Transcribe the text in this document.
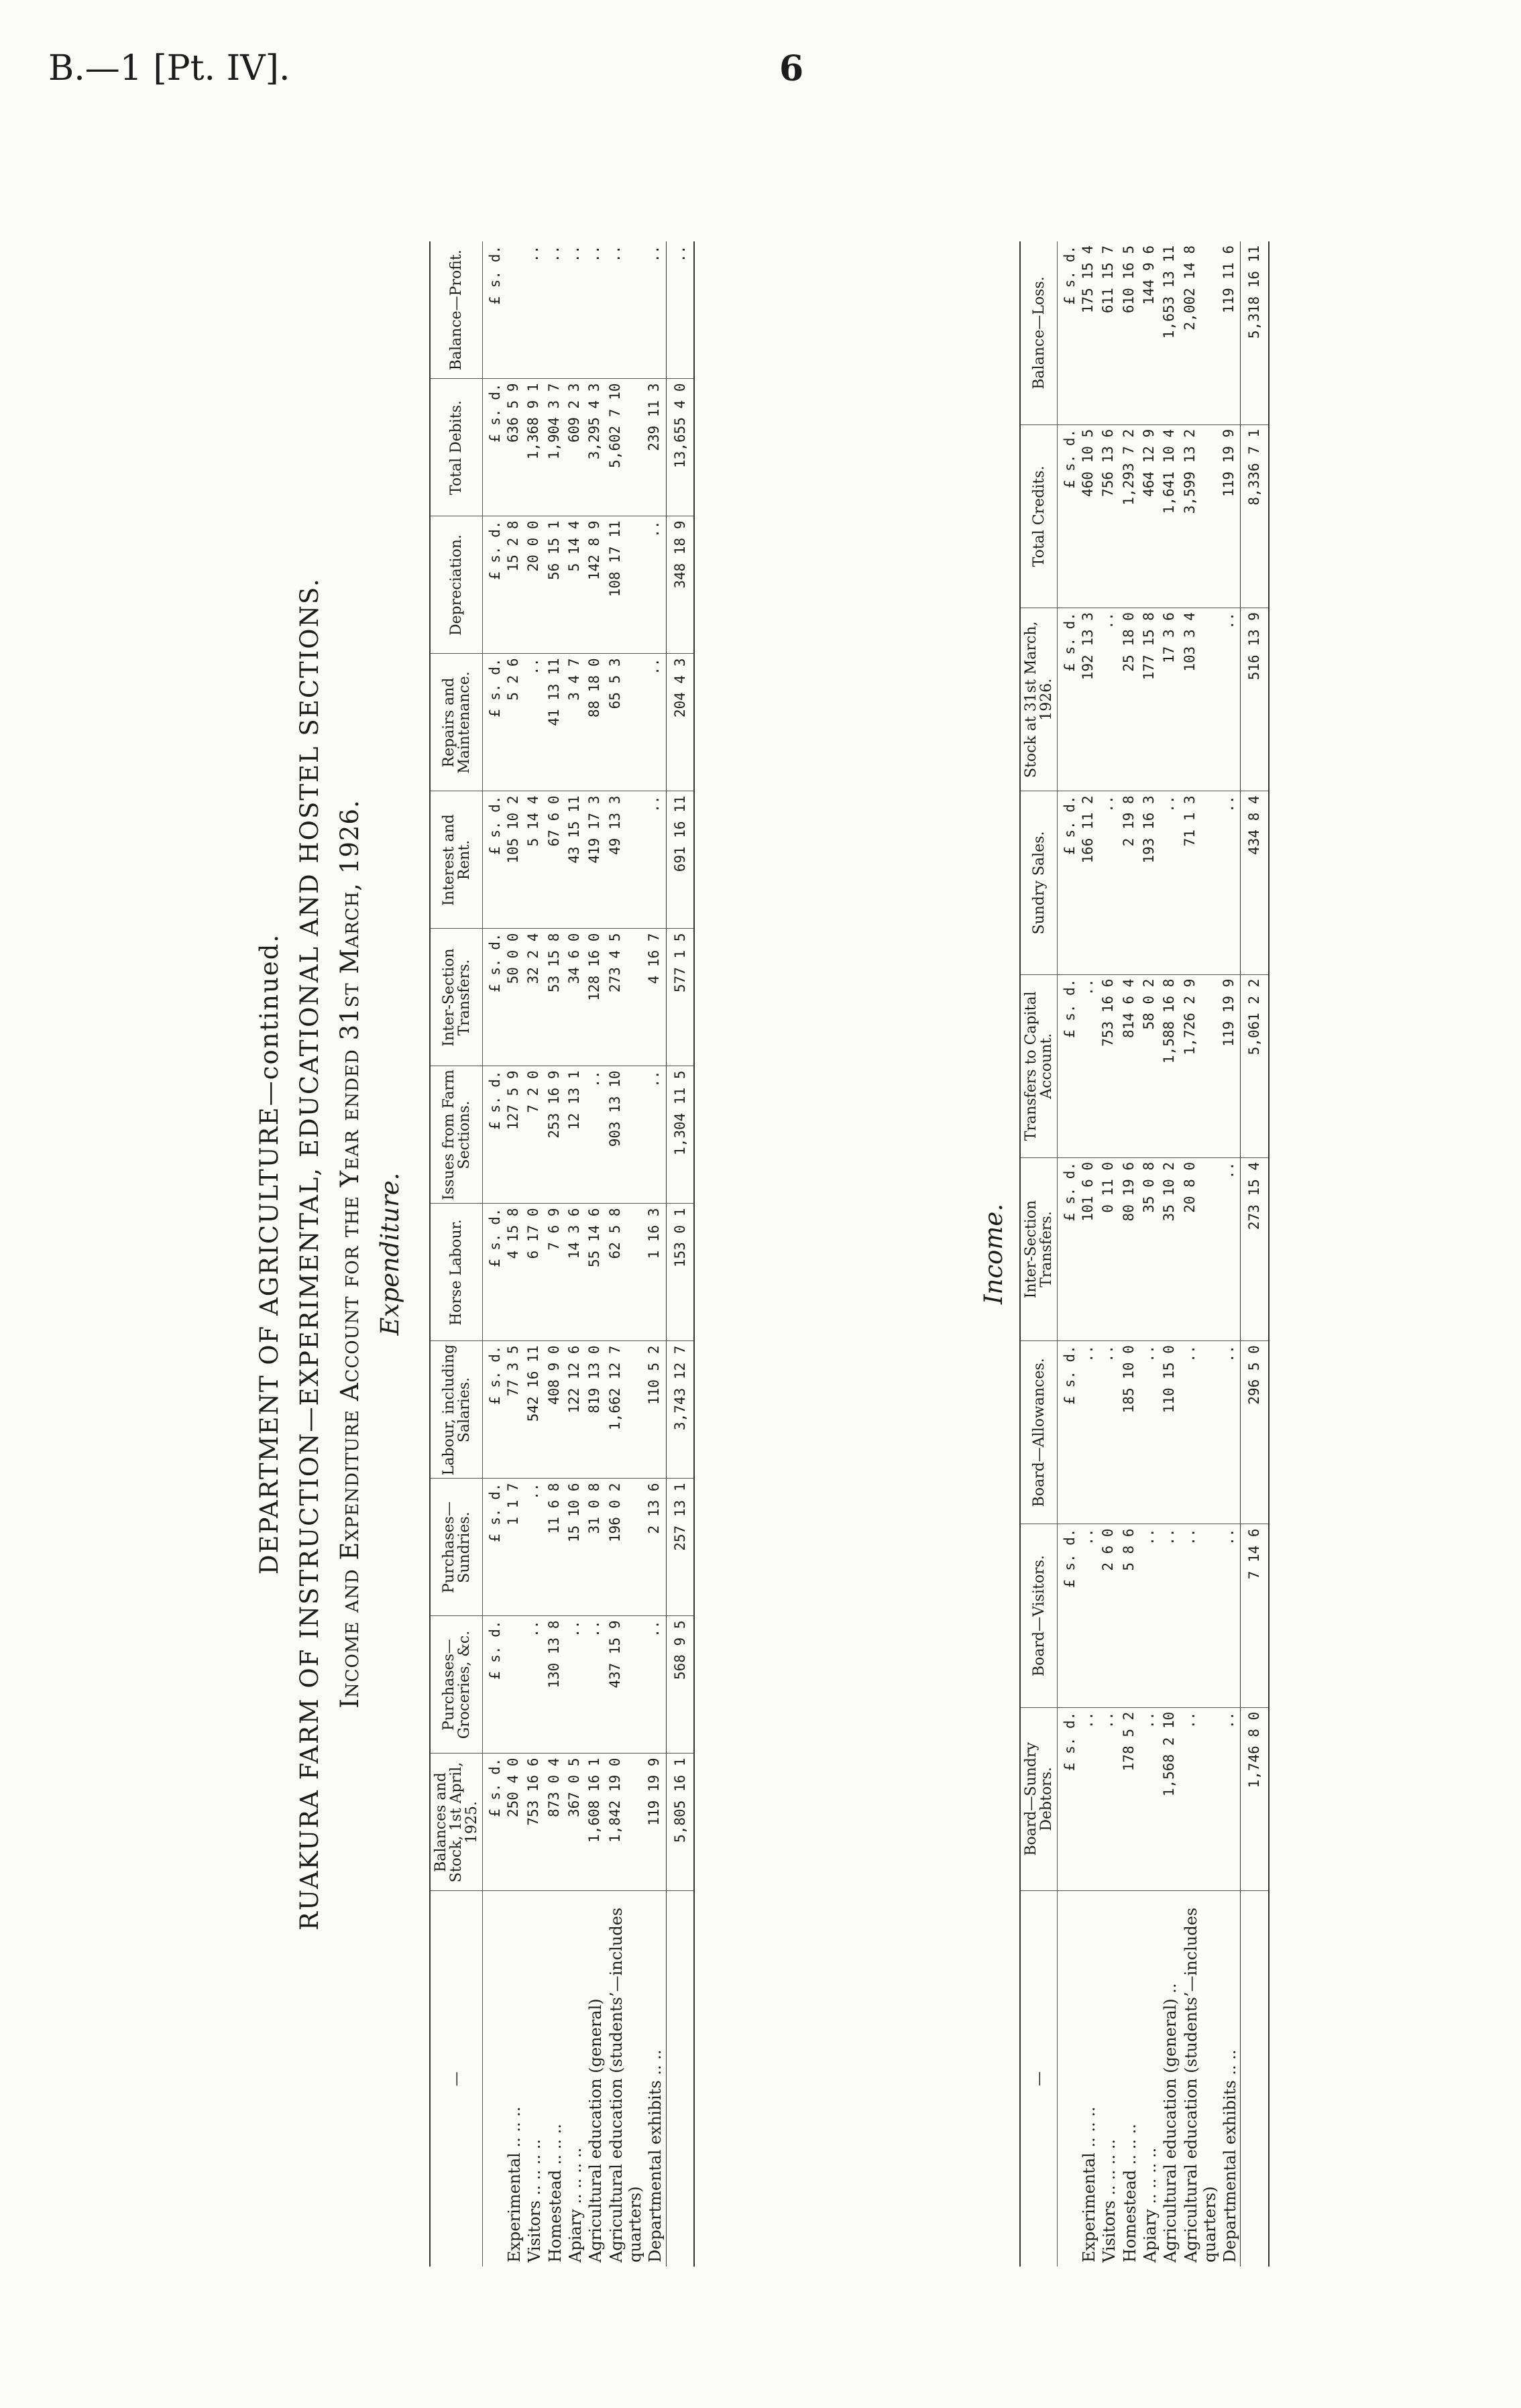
B.—1 [Pt. IV].	6
DEPARTMENT OF AGRICULTURE—continued. RUAKURA FARM OF INSTRUCTION—EXPERIMENTAL, EDUCATIONAL AND HOSTEL SECTIONS. Income and Expenditure Account for the Year ended 31st March, 1926. Expenditure.
—	Balances and Stock, 1st April, 1925.	Purchases—Groceries, &c.	Purchases—Sundries.	Labour, including Salaries.	Horse Labour.	Issues from Farm Sections.	Inter-Section Transfers.	Interest and Rent.	Repairs and Maintenance.	Depreciation.	Total Debits.	Balance—Profit.
	£ s. d.	£ s. d.	£ s. d.	£ s. d.	£ s. d.	£ s. d.	£ s. d.	£ s. d.	£ s. d.	£ s. d.	£ s. d.	£ s. d.
Experimental .. .. ..	250 4 0		1 1 7	77 3 5	4 15 8	127 5 9	50 0 0	105 10 2	5 2 6	15 2 8	636 5 9	
Visitors .. .. .. ..	753 16 6	..	..	542 16 11	6 17 0	7 2 0	32 2 4	5 14 4	..	20 0 0	1,368 9 1	..
Homestead .. .. ..	873 0 4	130 13 8	11 6 8	408 9 0	7 6 9	253 16 9	53 15 8	67 6 0	41 13 11	56 15 1	1,904 3 7	..
Apiary .. .. .. ..	367 0 5	..	15 10 6	122 12 6	14 3 6	12 13 1	34 6 0	43 15 11	3 4 7	5 14 4	609 2 3	..
Agricultural education (general)	1,608 16 1	..	31 0 8	819 13 0	55 14 6	..	128 16 0	419 17 3	88 18 0	142 8 9	3,295 4 3	..
Agricultural education (students’—includes quarters)	1,842 19 0	437 15 9	196 0 2	1,662 12 7	62 5 8	903 13 10	273 4 5	49 13 3	65 5 3	108 17 11	5,602 7 10	..
Departmental exhibits .. ..	119 19 9	..	2 13 6	110 5 2	1 16 3	..	4 16 7	..	..	..	239 11 3	..
	5,805 16 1	568 9 5	257 13 1	3,743 12 7	153 0 1	1,304 11 5	577 1 5	691 16 11	204 4 3	348 18 9	13,655 4 0	..
Income.
—	Board—Sundry Debtors.	Board—Visitors.	Board—Allowances.	Inter-Section Transfers.	Transfers to Capital Account.	Sundry Sales.	Stock at 31st March, 1926.	Total Credits.	Balance—Loss.
	£ s. d.	£ s. d.	£ s. d.	£ s. d.	£ s. d.	£ s. d.	£ s. d.	£ s. d.	£ s. d.
Experimental .. .. ..	..	..	..	101 6 0	..	166 11 2	192 13 3	460 10 5	175 15 4
Visitors .. .. .. ..	..	2 6 0	..	0 11 0	753 16 6	..	..	756 13 6	611 15 7
Homestead .. .. ..	178 5 2	5 8 6	185 10 0	80 19 6	814 6 4	2 19 8	25 18 0	1,293 7 2	610 16 5
Apiary .. .. .. ..	..	..	..	35 0 8	58 0 2	193 16 3	177 15 8	464 12 9	144 9 6
Agricultural education (general) ..	1,568 2 10	..	110 15 0	35 10 2	1,588 16 8	..	17 3 6	1,641 10 4	1,653 13 11
Agricultural education (students’—includes quarters)	..	..	..	20 8 0	1,726 2 9	71 1 3	103 3 4	3,599 13 2	2,002 14 8
Departmental exhibits .. ..	..	..	..	..	119 19 9	..	..	119 19 9	119 11 6
	1,746 8 0	7 14 6	296 5 0	273 15 4	5,061 2 2	434 8 4	516 13 9	8,336 7 1	5,318 16 11
